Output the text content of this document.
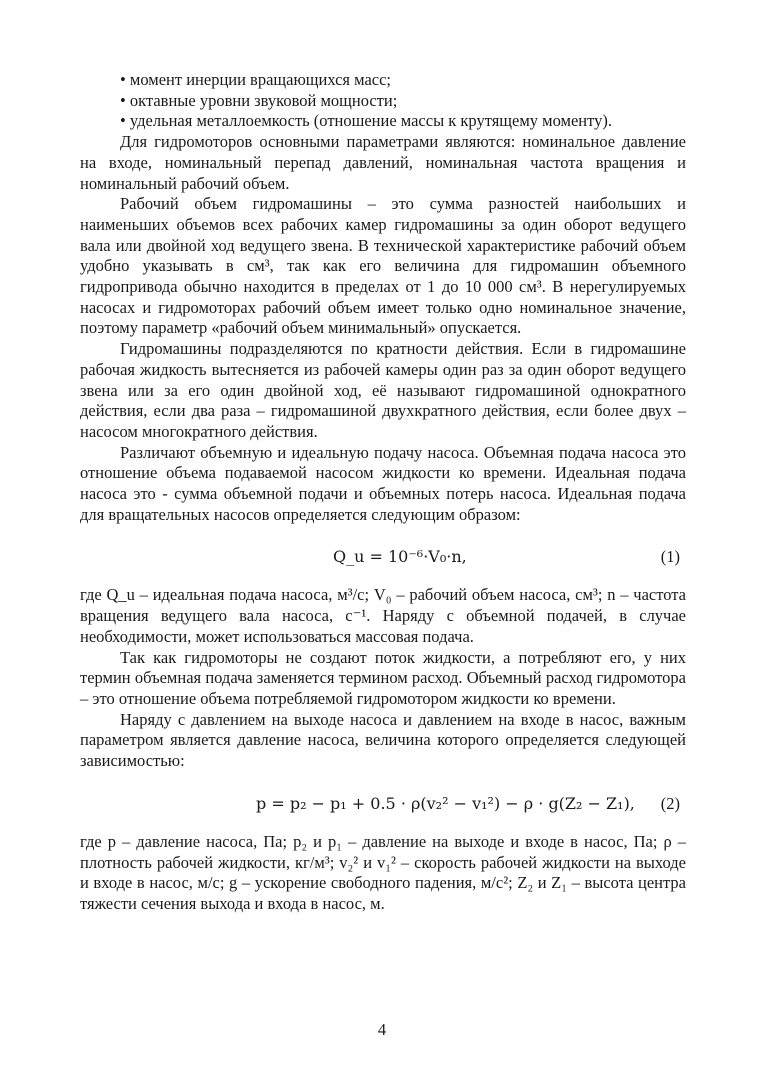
• момент инерции вращающихся масс;

• октавные уровни звуковой мощности;

• удельная металлоемкость (отношение массы к крутящему моменту).

Для гидромоторов основными параметрами являются: номинальное давление на входе, номинальный перепад давлений, номинальная частота вращения и номинальный рабочий объем.

Рабочий объем гидромашины – это сумма разностей наибольших и наименьших объемов всех рабочих камер гидромашины за один оборот ведущего вала или двойной ход ведущего звена. В технической характеристике рабочий объем удобно указывать в см³, так как его величина для гидромашин объемного гидропривода обычно находится в пределах от 1 до 10 000 см³. В нерегулируемых насосах и гидромоторах рабочий объем имеет только одно номинальное значение, поэтому параметр «рабочий объем минимальный» опускается.

Гидромашины подразделяются по кратности действия. Если в гидромашине рабочая жидкость вытесняется из рабочей камеры один раз за один оборот ведущего звена или за его один двойной ход, её называют гидромашиной однократного действия, если два раза – гидромашиной двухкратного действия, если более двух – насосом многократного действия.

Различают объемную и идеальную подачу насоса. Объемная подача насоса это отношение объема подаваемой насосом жидкости ко времени. Идеальная подача насоса это - сумма объемной подачи и объемных потерь насоса. Идеальная подача для вращательных насосов определяется следующим образом:

Q_u = 10⁻⁶·V₀·n,	(1)

где Q_u – идеальная подача насоса, м³/с; V₀ – рабочий объем насоса, см³; n – частота вращения ведущего вала насоса, с⁻¹. Наряду с объемной подачей, в случае необходимости, может использоваться массовая подача.

Так как гидромоторы не создают поток жидкости, а потребляют его, у них термин объемная подача заменяется термином расход. Объемный расход гидромотора – это отношение объема потребляемой гидромотором жидкости ко времени.

Наряду с давлением на выходе насоса и давлением на входе в насос, важным параметром является давление насоса, величина которого определяется следующей зависимостью:

p = p₂ − p₁ + 0.5 · ρ(v₂² − v₁²) − ρ · g(Z₂ − Z₁), (2)

где p – давление насоса, Па; p₂ и p₁ – давление на выходе и входе в насос, Па; ρ – плотность рабочей жидкости, кг/м³; v₂² и v₁² – скорость рабочей жидкости на выходе и входе в насос, м/с; g – ускорение свободного падения, м/с²; Z₂ и Z₁ – высота центра тяжести сечения выхода и входа в насос, м.

4
